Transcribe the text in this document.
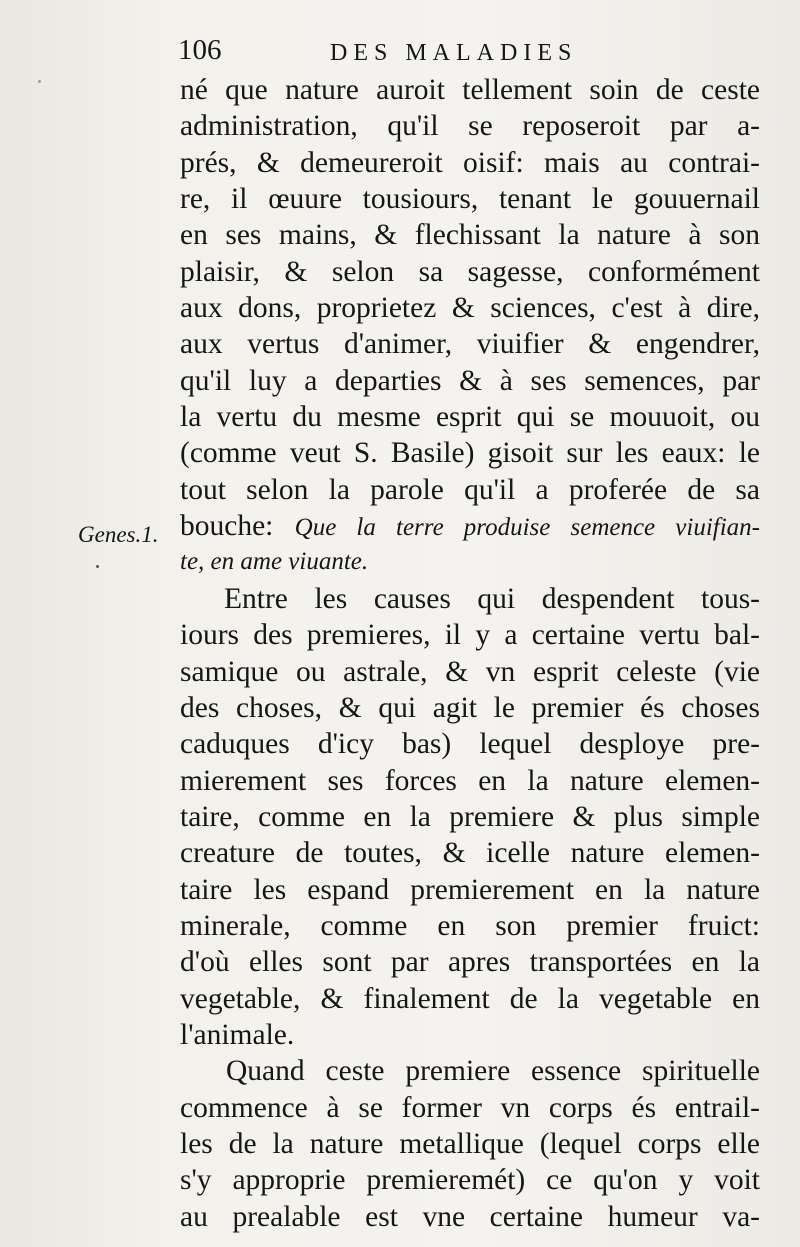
106	DES MALADIES
Genes.1.
né que nature auroit tellement soin de ceste
administration, qu'il se reposeroit par a-
prés, & demeureroit oisif: mais au contrai-
re, il œuure tousiours, tenant le gouuernail
en ses mains, & flechissant la nature à son
plaisir, & selon sa sagesse, conformément
aux dons, proprietez & sciences, c'est à dire,
aux vertus d'animer, viuifier & engendrer,
qu'il luy a departies & à ses semences, par
la vertu du mesme esprit qui se mouuoit, ou
(comme veut S. Basile) gisoit sur les eaux: le
tout selon la parole qu'il a proferée de sa
bouche: Que la terre produise semence viuifian-
te, en ame viuante.
Entre les causes qui despendent tous-
iours des premieres, il y a certaine vertu bal-
samique ou astrale, & vn esprit celeste (vie
des choses, & qui agit le premier és choses
caduques d'icy bas) lequel desploye pre-
mierement ses forces en la nature elemen-
taire, comme en la premiere & plus simple
creature de toutes, & icelle nature elemen-
taire les espand premierement en la nature
minerale, comme en son premier fruict:
d'où elles sont par apres transportées en la
vegetable, & finalement de la vegetable en
l'animale.
Quand ceste premiere essence spirituelle
commence à se former vn corps és entrail-
les de la nature metallique (lequel corps elle
s'y approprie premieremét) ce qu'on y voit
au prealable est vne certaine humeur va-
